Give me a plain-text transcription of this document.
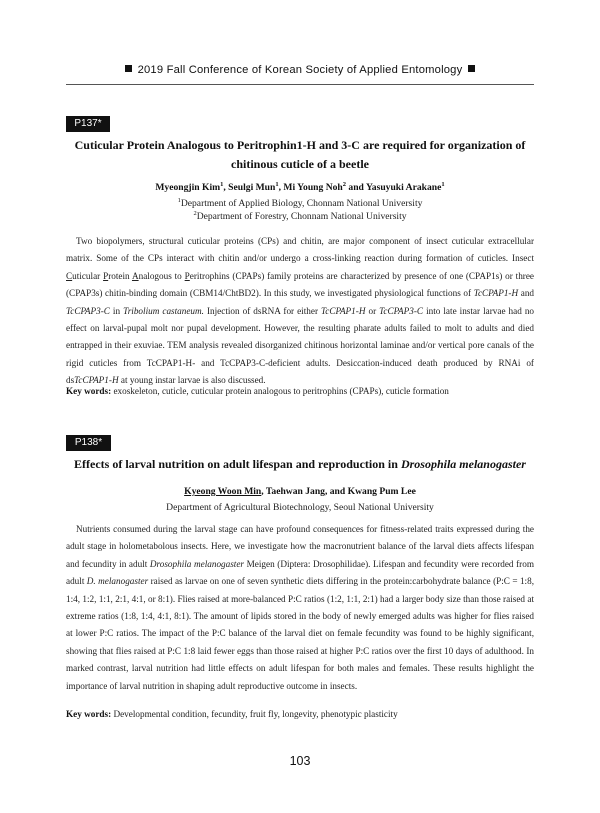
2019 Fall Conference of Korean Society of Applied Entomology
P137*
Cuticular Protein Analogous to Peritrophin1-H and 3-C are required for organization of
chitinous cuticle of a beetle
Myeongjin Kim$^1$, Seulgi Mun$^1$, Mi Young Noh$^2$ and Yasuyuki Arakane$^1$
$^1$Department of Applied Biology, Chonnam National University
$^2$Department of Forestry, Chonnam National University

Two biopolymers, structural cuticular proteins (CPs) and chitin, are major component of insect cuticular extracellular matrix. Some of the CPs interact with chitin and/or undergo a cross-linking reaction during formation of cuticles. Insect Cuticular Protein Analogous to Peritrophins (CPAPs) family proteins are characterized by presence of one (CPAP1s) or three (CPAP3s) chitin-binding domain (CBM14/ChtBD2). In this study, we investigated physiological functions of TcCPAP1-H and TcCPAP3-C in Tribolium castaneum. Injection of dsRNA for either TcCPAP1-H or TcCPAP3-C into late instar larvae had no effect on larval-pupal molt nor pupal development. However, the resulting pharate adults failed to molt to adults and died entrapped in their exuviae. TEM analysis revealed disorganized chitinous horizontal laminae and/or vertical pore canals of the rigid cuticles from TcCPAP1-H- and TcCPAP3-C-deficient adults. Desiccation-induced death produced by RNAi of dsTcCPAP1-H at young instar larvae is also discussed.

Key words: exoskeleton, cuticle, cuticular protein analogous to peritrophins (CPAPs), cuticle formation
P138*
Effects of larval nutrition on adult lifespan and reproduction in Drosophila melanogaster
Kyeong Woon Min, Taehwan Jang, and Kwang Pum Lee
Department of Agricultural Biotechnology, Seoul National University

Nutrients consumed during the larval stage can have profound consequences for fitness-related traits expressed during the adult stage in holometabolous insects. Here, we investigate how the macronutrient balance of the larval diets affects lifespan and fecundity in adult Drosophila melanogaster Meigen (Diptera: Drosophilidae). Lifespan and fecundity were recorded from adult D. melanogaster raised as larvae on one of seven synthetic diets differing in the protein:carbohydrate balance (P:C = 1:8, 1:4, 1:2, 1:1, 2:1, 4:1, or 8:1). Flies raised at more-balanced P:C ratios (1:2, 1:1, 2:1) had a larger body size than those raised at extreme ratios (1:8, 1:4, 4:1, 8:1). The amount of lipids stored in the body of newly emerged adults was higher for flies raised at lower P:C ratios. The impact of the P:C balance of the larval diet on female fecundity was found to be highly significant, showing that flies raised at P:C 1:8 laid fewer eggs than those raised at higher P:C ratios over the first 10 days of adulthood. In marked contrast, larval nutrition had little effects on adult lifespan for both males and females. These results highlight the importance of larval nutrition in shaping adult reproductive outcome in insects.

Key words: Developmental condition, fecundity, fruit fly, longevity, phenotypic plasticity
103
